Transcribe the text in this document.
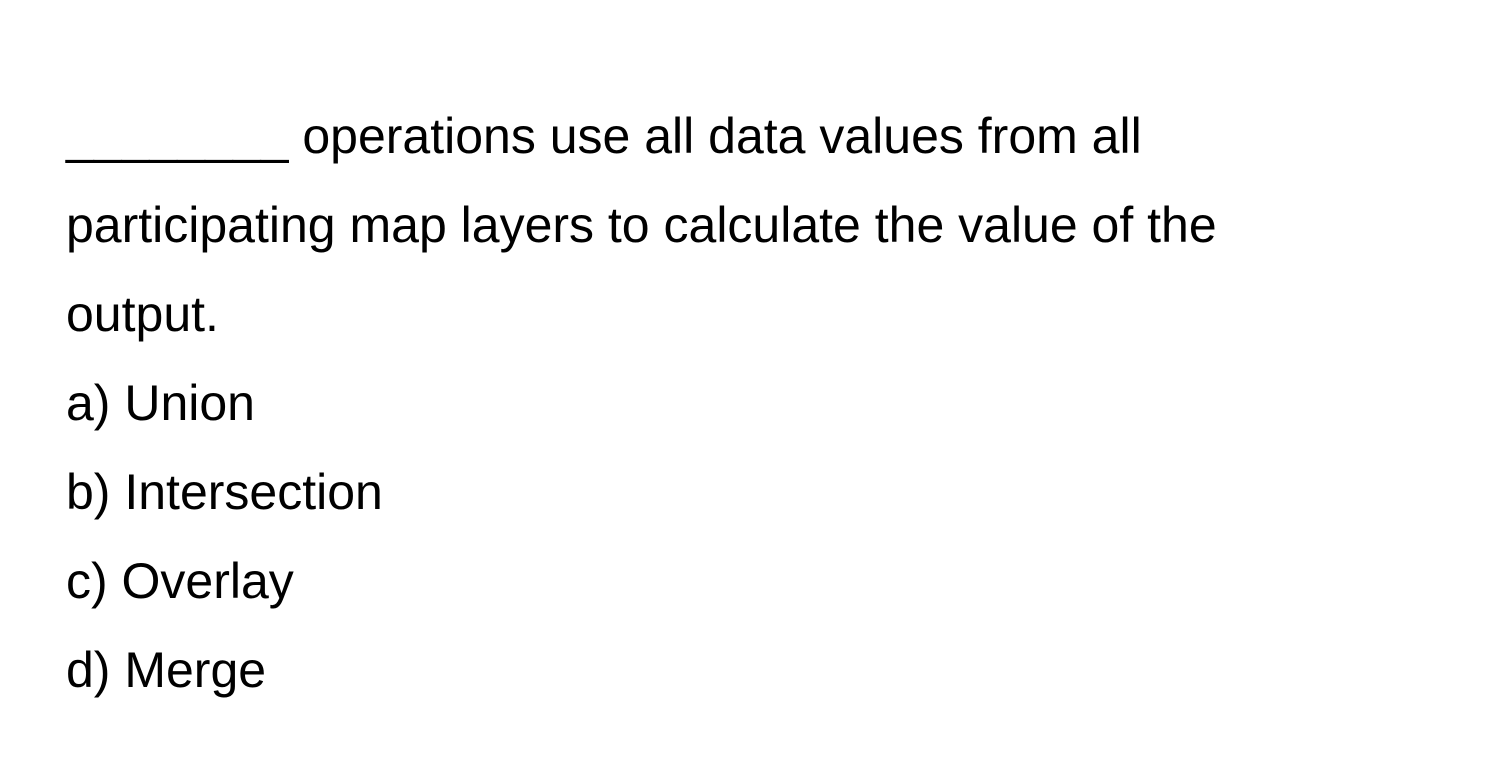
________ operations use all data values from all

participating map layers to calculate the value of the

output.

a) Union

b) Intersection

c) Overlay

d) Merge
